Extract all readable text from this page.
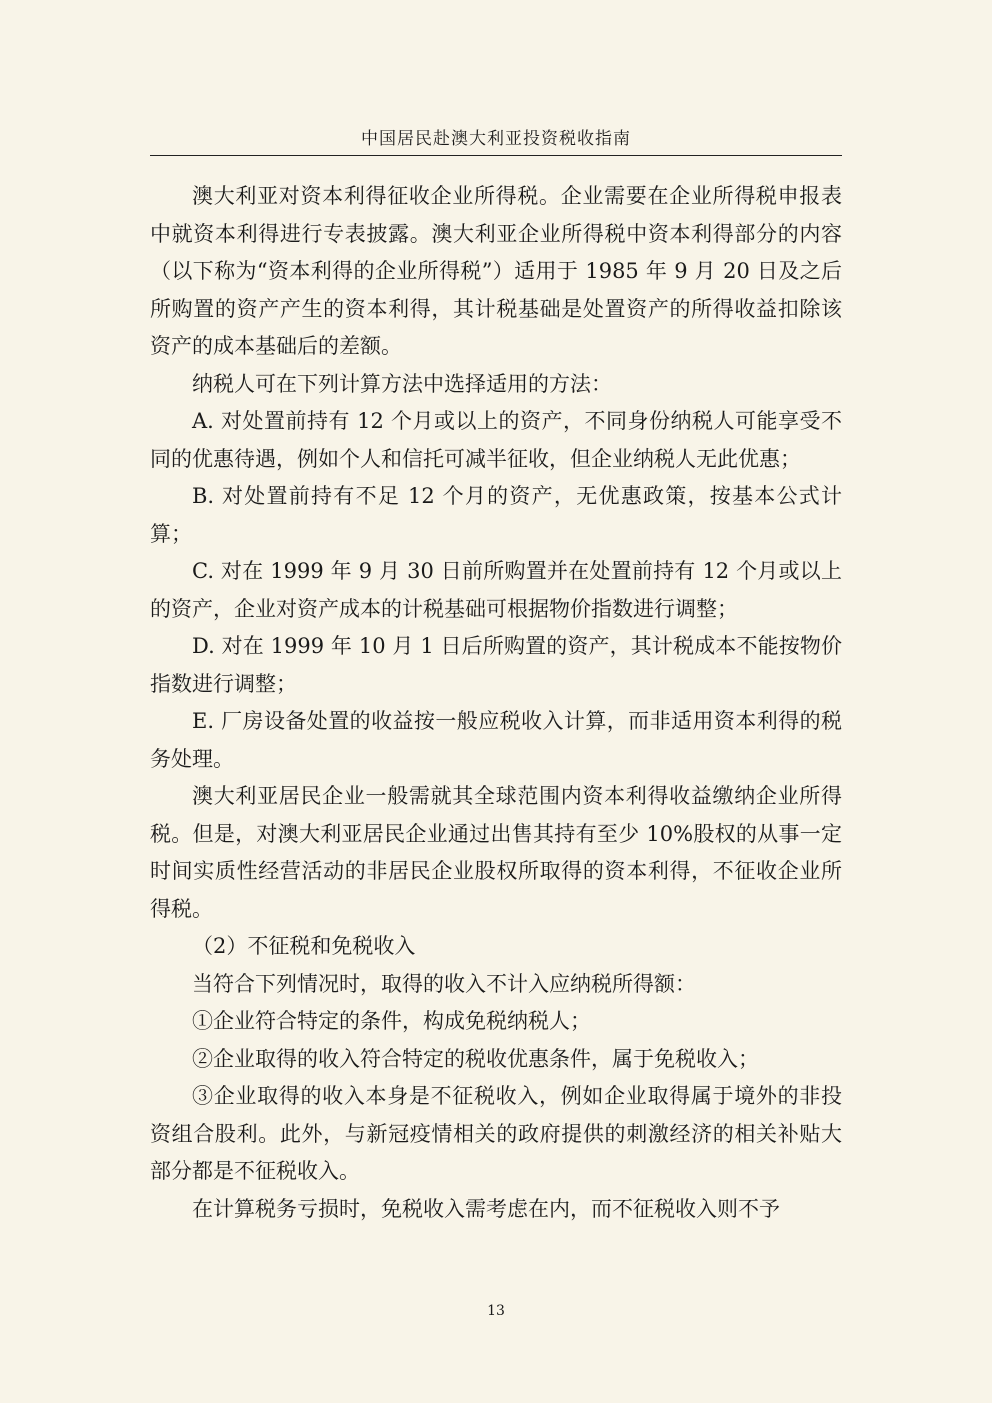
中国居民赴澳大利亚投资税收指南

澳大利亚对资本利得征收企业所得税。企业需要在企业所得税申报表中就资本利得进行专表披露。澳大利亚企业所得税中资本利得部分的内容（以下称为“资本利得的企业所得税”）适用于 1985 年 9 月 20 日及之后所购置的资产产生的资本利得，其计税基础是处置资产的所得收益扣除该资产的成本基础后的差额。

纳税人可在下列计算方法中选择适用的方法：

A. 对处置前持有 12 个月或以上的资产，不同身份纳税人可能享受不同的优惠待遇，例如个人和信托可减半征收，但企业纳税人无此优惠；

B. 对处置前持有不足 12 个月的资产，无优惠政策，按基本公式计算；

C. 对在 1999 年 9 月 30 日前所购置并在处置前持有 12 个月或以上的资产，企业对资产成本的计税基础可根据物价指数进行调整；

D. 对在 1999 年 10 月 1 日后所购置的资产，其计税成本不能按物价指数进行调整；

E. 厂房设备处置的收益按一般应税收入计算，而非适用资本利得的税务处理。

澳大利亚居民企业一般需就其全球范围内资本利得收益缴纳企业所得税。但是，对澳大利亚居民企业通过出售其持有至少 10%股权的从事一定时间实质性经营活动的非居民企业股权所取得的资本利得，不征收企业所得税。

（2）不征税和免税收入

当符合下列情况时，取得的收入不计入应纳税所得额：

①企业符合特定的条件，构成免税纳税人；

②企业取得的收入符合特定的税收优惠条件，属于免税收入；

③企业取得的收入本身是不征税收入，例如企业取得属于境外的非投资组合股利。此外，与新冠疫情相关的政府提供的刺激经济的相关补贴大部分都是不征税收入。

在计算税务亏损时，免税收入需考虑在内，而不征税收入则不予

13
